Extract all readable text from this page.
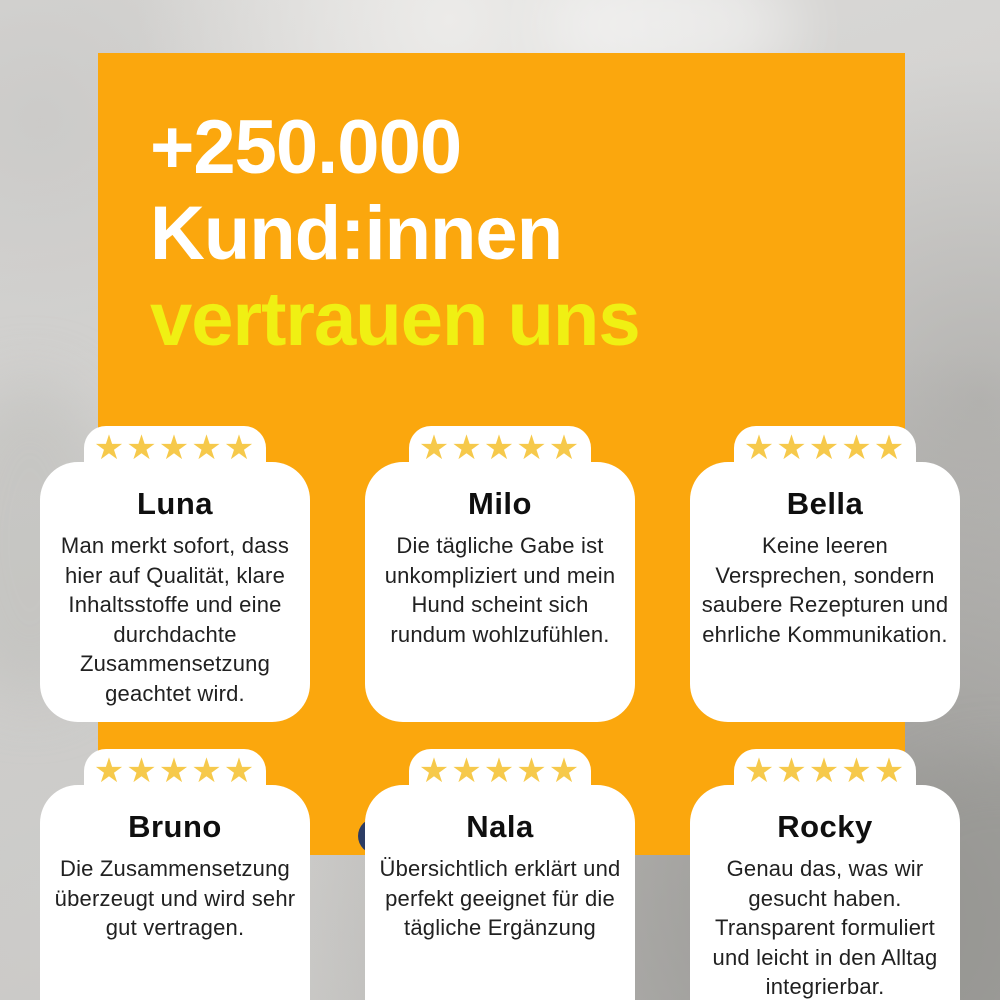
+250.000
Kund:innen
vertrauen uns
★★★★★
Luna
Man merkt sofort, dass hier auf Qualität, klare Inhaltsstoffe und eine durchdachte Zusammensetzung geachtet wird.
★★★★★
Milo
Die tägliche Gabe ist unkompliziert und mein Hund scheint sich rundum wohlzufühlen.
★★★★★
Bella
Keine leeren Versprechen, sondern saubere Rezepturen und ehrliche Kommunikation.
★★★★★
Bruno
Die Zusammensetzung überzeugt und wird sehr gut vertragen.
★★★★★
Nala
Übersichtlich erklärt und perfekt geeignet für die tägliche Ergänzung
★★★★★
Rocky
Genau das, was wir gesucht haben. Transparent formuliert und leicht in den Alltag integrierbar.
